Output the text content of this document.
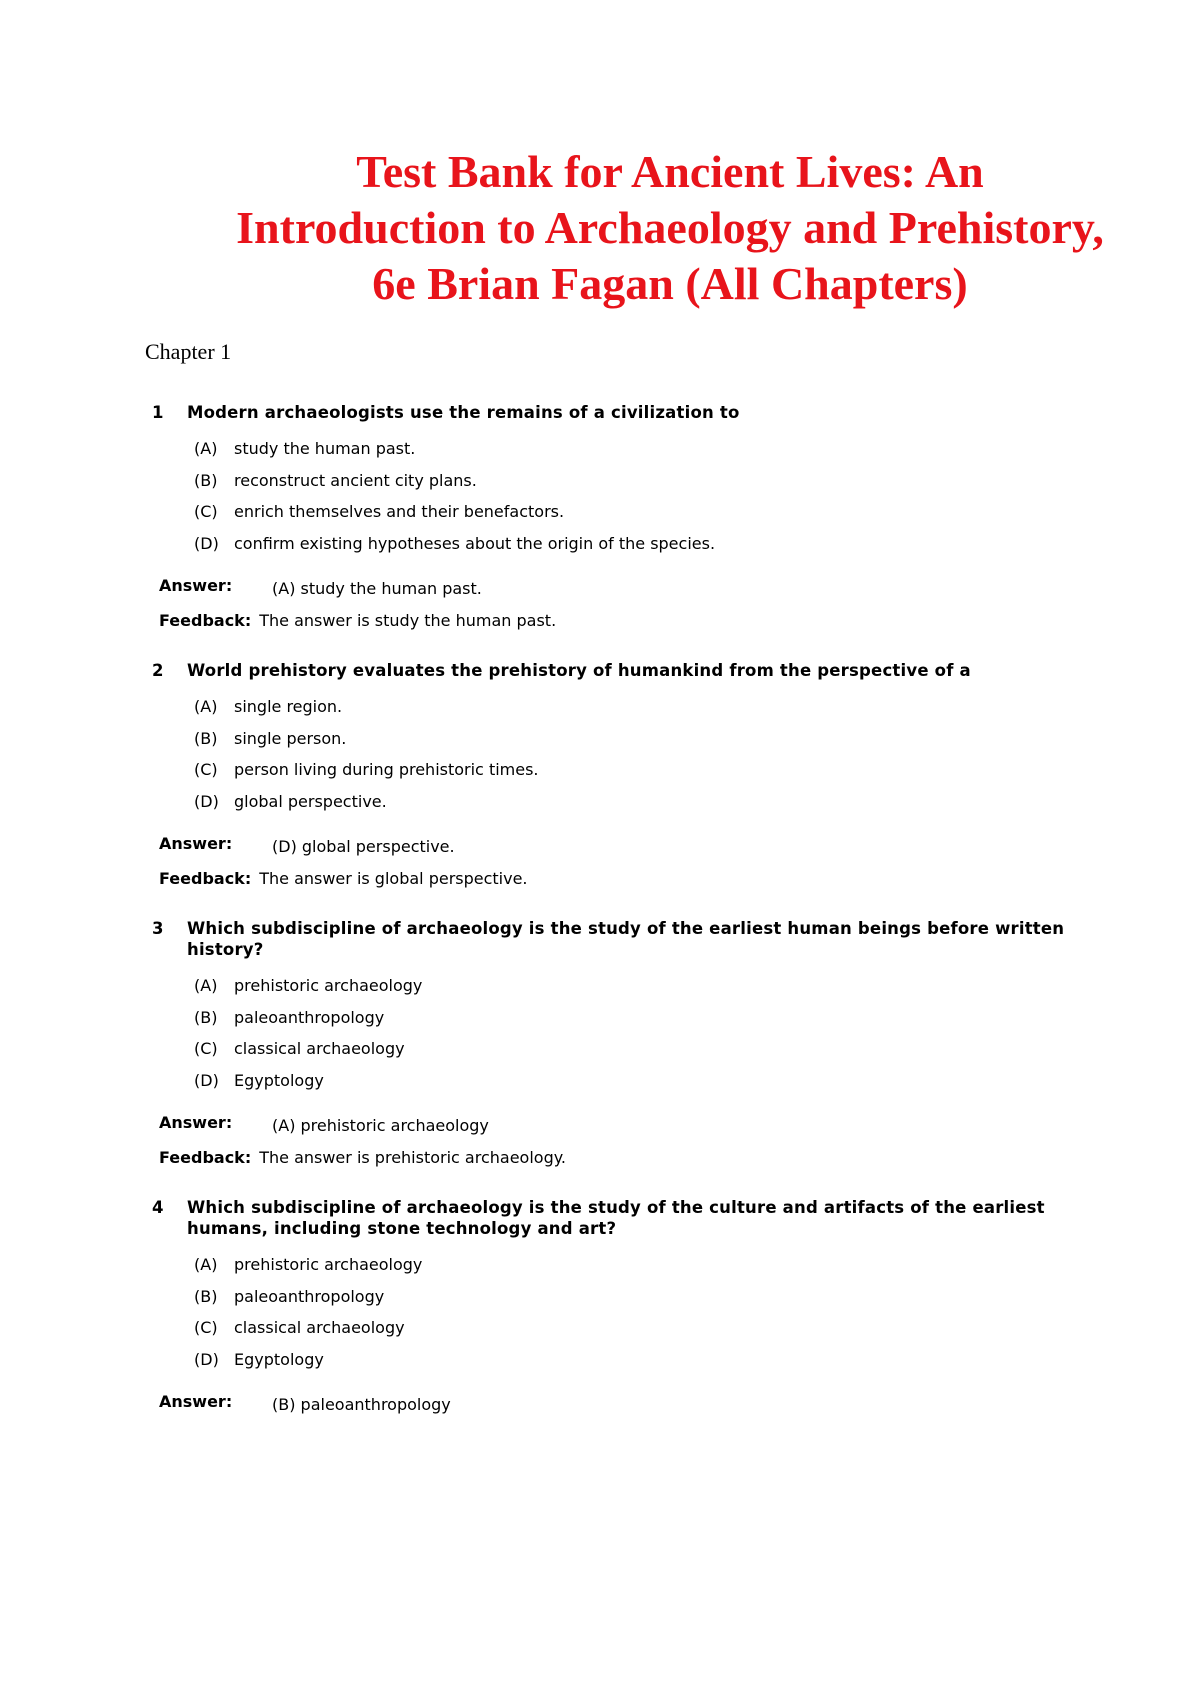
Test Bank for Ancient Lives: An
Introduction to Archaeology and Prehistory,
6e Brian Fagan (All Chapters)
Chapter 1
1 Modern archaeologists use the remains of a civilization to
(A) study the human past.
(B) reconstruct ancient city plans.
(C) enrich themselves and their benefactors.
(D) confirm existing hypotheses about the origin of the species.
Answer: (A) study the human past.
Feedback: The answer is study the human past.
2 World prehistory evaluates the prehistory of humankind from the perspective of a
(A) single region.
(B) single person.
(C) person living during prehistoric times.
(D) global perspective.
Answer: (D) global perspective.
Feedback: The answer is global perspective.
3 Which subdiscipline of archaeology is the study of the earliest human beings before written history?
(A) prehistoric archaeology
(B) paleoanthropology
(C) classical archaeology
(D) Egyptology
Answer: (A) prehistoric archaeology
Feedback: The answer is prehistoric archaeology.
4 Which subdiscipline of archaeology is the study of the culture and artifacts of the earliest humans, including stone technology and art?
(A) prehistoric archaeology
(B) paleoanthropology
(C) classical archaeology
(D) Egyptology
Answer: (B) paleoanthropology
